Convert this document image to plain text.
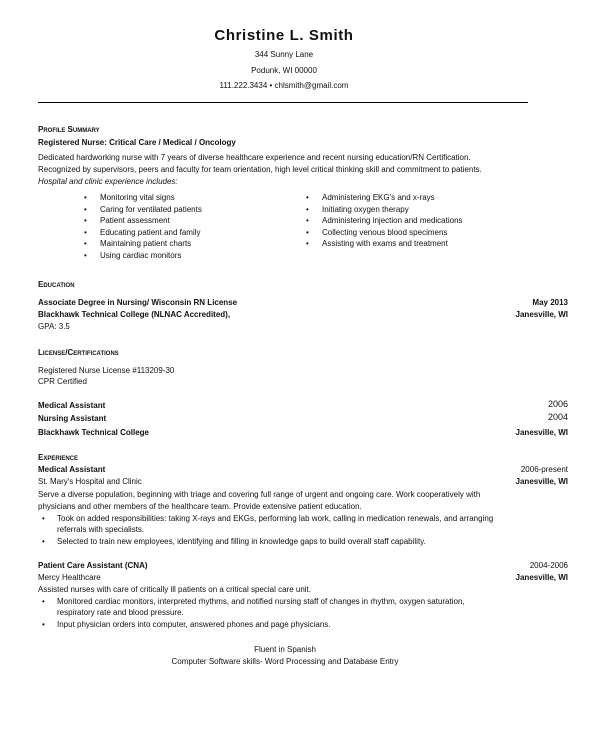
Christine L. Smith
344 Sunny Lane
Podunk, WI 00000
111.222.3434 • chlsmith@gmail.com
Profile Summary
Registered Nurse: Critical Care / Medical / Oncology
Dedicated hardworking nurse with 7 years of diverse healthcare experience and recent nursing education/RN Certification.
Recognized by supervisors, peers and faculty for team orientation, high level critical thinking skill and commitment to patients.
Hospital and clinic experience includes:
• Monitoring vital signs
• Caring for ventilated patients
• Patient assessment
• Educating patient and family
• Maintaining patient charts
• Using cardiac monitors
• Administering EKG's and x-rays
• Initiating oxygen therapy
• Administering injection and medications
• Collecting venous blood specimens
• Assisting with exams and treatment
Education
Associate Degree in Nursing/ Wisconsin RN License	May 2013
Blackhawk Technical College (NLNAC Accredited),	Janesville, WI
GPA: 3.5
License/Certifications
Registered Nurse License #113209-30
CPR Certified
Medical Assistant	2006
Nursing Assistant	2004
Blackhawk Technical College	Janesville, WI
Experience
Medical Assistant	2006-present
St. Mary's Hospital and Clinic	Janesville, WI
Serve a diverse population, beginning with triage and covering full range of urgent and ongoing care. Work cooperatively with
physicians and other members of the healthcare team. Provide extensive patient education.
• Took on added responsibilities: taking X-rays and EKGs, performing lab work, calling in medication renewals, and arranging
referrals with specialists.
• Selected to train new employees, identifying and filling in knowledge gaps to build overall staff capability.
Patient Care Assistant (CNA)	2004-2006
Mercy Healthcare	Janesville, WI
Assisted nurses with care of critically ill patients on a critical special care unit.
• Monitored cardiac monitors, interpreted rhythms, and notified nursing staff of changes in rhythm, oxygen saturation,
respiratory rate and blood pressure.
• Input physician orders into computer, answered phones and page physicians.
Fluent in Spanish
Computer Software skills- Word Processing and Database Entry
